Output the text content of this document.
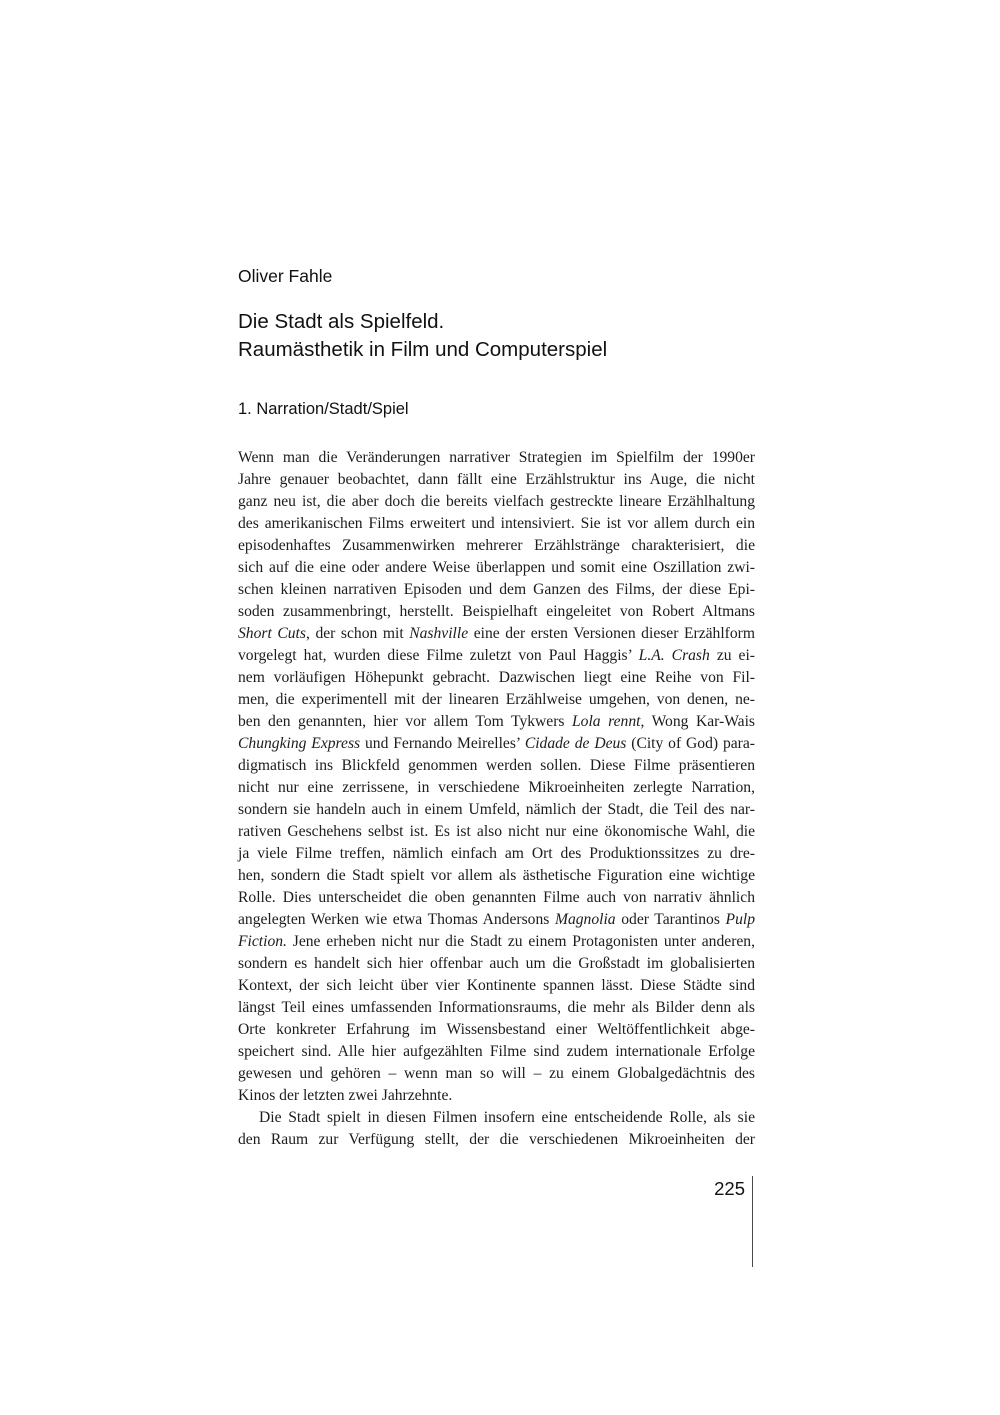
Oliver Fahle
Die Stadt als Spielfeld.
Raumästhetik in Film und Computerspiel
1. Narration/Stadt/Spiel
Wenn man die Veränderungen narrativer Strategien im Spielfilm der 1990er
Jahre genauer beobachtet, dann fällt eine Erzählstruktur ins Auge, die nicht
ganz neu ist, die aber doch die bereits vielfach gestreckte lineare Erzählhaltung
des amerikanischen Films erweitert und intensiviert. Sie ist vor allem durch ein
episodenhaftes Zusammenwirken mehrerer Erzählstränge charakterisiert, die
sich auf die eine oder andere Weise überlappen und somit eine Oszillation zwi-
schen kleinen narrativen Episoden und dem Ganzen des Films, der diese Epi-
soden zusammenbringt, herstellt. Beispielhaft eingeleitet von Robert Altmans
Short Cuts, der schon mit Nashville eine der ersten Versionen dieser Erzählform
vorgelegt hat, wurden diese Filme zuletzt von Paul Haggis’ L.A. Crash zu ei-
nem vorläufigen Höhepunkt gebracht. Dazwischen liegt eine Reihe von Fil-
men, die experimentell mit der linearen Erzählweise umgehen, von denen, ne-
ben den genannten, hier vor allem Tom Tykwers Lola rennt, Wong Kar-Wais
Chungking Express und Fernando Meirelles’ Cidade de Deus (City of God) para-
digmatisch ins Blickfeld genommen werden sollen. Diese Filme präsentieren
nicht nur eine zerrissene, in verschiedene Mikroeinheiten zerlegte Narration,
sondern sie handeln auch in einem Umfeld, nämlich der Stadt, die Teil des nar-
rativen Geschehens selbst ist. Es ist also nicht nur eine ökonomische Wahl, die
ja viele Filme treffen, nämlich einfach am Ort des Produktionssitzes zu dre-
hen, sondern die Stadt spielt vor allem als ästhetische Figuration eine wichtige
Rolle. Dies unterscheidet die oben genannten Filme auch von narrativ ähnlich
angelegten Werken wie etwa Thomas Andersons Magnolia oder Tarantinos Pulp
Fiction. Jene erheben nicht nur die Stadt zu einem Protagonisten unter anderen,
sondern es handelt sich hier offenbar auch um die Großstadt im globalisierten
Kontext, der sich leicht über vier Kontinente spannen lässt. Diese Städte sind
längst Teil eines umfassenden Informationsraums, die mehr als Bilder denn als
Orte konkreter Erfahrung im Wissensbestand einer Weltöffentlichkeit abge-
speichert sind. Alle hier aufgezählten Filme sind zudem internationale Erfolge
gewesen und gehören – wenn man so will – zu einem Globalgedächtnis des
Kinos der letzten zwei Jahrzehnte.
Die Stadt spielt in diesen Filmen insofern eine entscheidende Rolle, als sie
den Raum zur Verfügung stellt, der die verschiedenen Mikroeinheiten der
225
